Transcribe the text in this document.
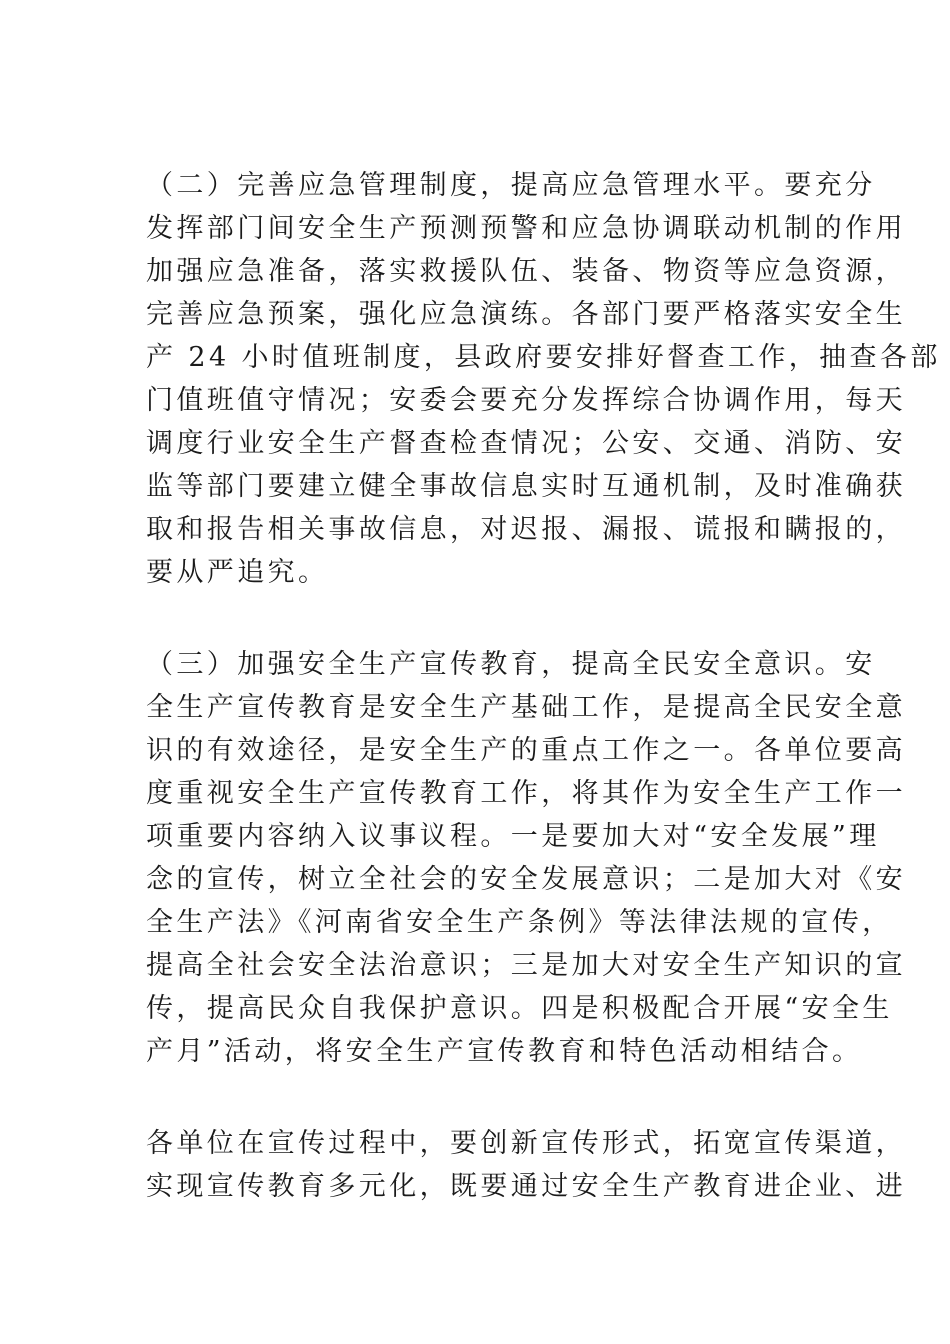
（二）完善应急管理制度，提高应急管理水平。要充分
发挥部门间安全生产预测预警和应急协调联动机制的作用
加强应急准备，落实救援队伍、装备、物资等应急资源，
完善应急预案，强化应急演练。各部门要严格落实安全生
产 24 小时值班制度，县政府要安排好督查工作，抽查各部
门值班值守情况；安委会要充分发挥综合协调作用，每天
调度行业安全生产督查检查情况；公安、交通、消防、安
监等部门要建立健全事故信息实时互通机制，及时准确获
取和报告相关事故信息，对迟报、漏报、谎报和瞒报的，
要从严追究。
（三）加强安全生产宣传教育，提高全民安全意识。安
全生产宣传教育是安全生产基础工作，是提高全民安全意
识的有效途径，是安全生产的重点工作之一。各单位要高
度重视安全生产宣传教育工作，将其作为安全生产工作一
项重要内容纳入议事议程。一是要加大对“安全发展”理
念的宣传，树立全社会的安全发展意识；二是加大对《安
全生产法》《河南省安全生产条例》等法律法规的宣传，
提高全社会安全法治意识；三是加大对安全生产知识的宣
传，提高民众自我保护意识。四是积极配合开展“安全生
产月”活动，将安全生产宣传教育和特色活动相结合。
各单位在宣传过程中，要创新宣传形式，拓宽宣传渠道，
实现宣传教育多元化，既要通过安全生产教育进企业、进
